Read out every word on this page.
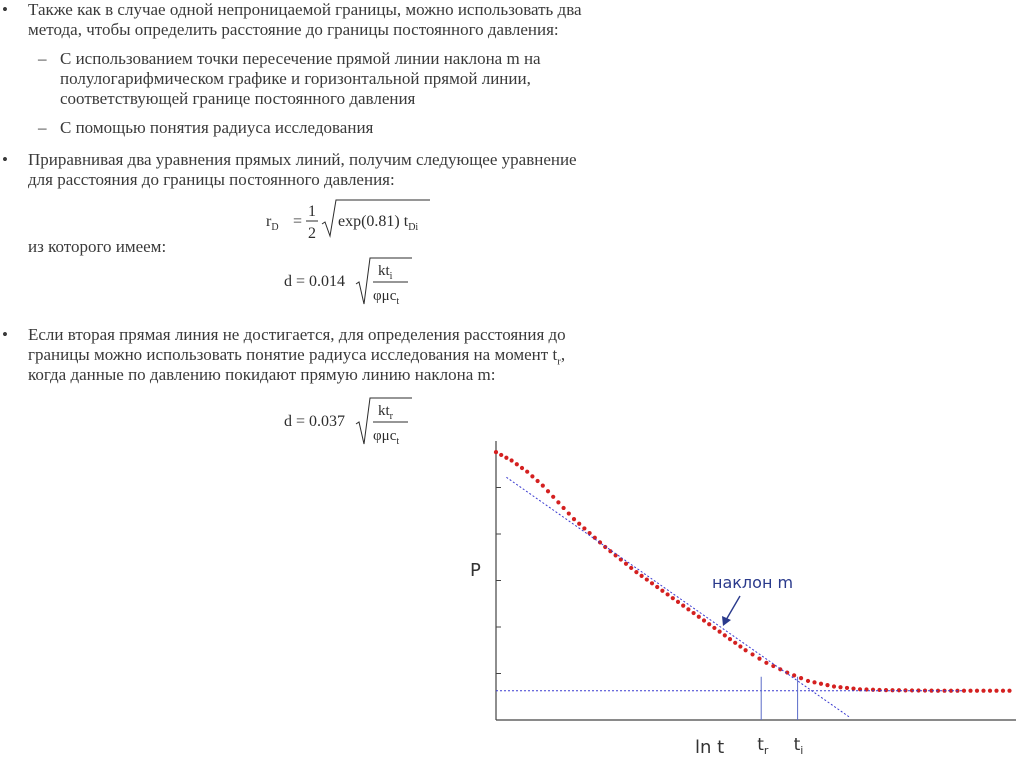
• Также как в случае одной непроницаемой границы, можно использовать два
метода, чтобы определить расстояние до границы постоянного давления:
– С использованием точки пересечение прямой линии наклона m на
полулогарифмическом графике и горизонтальной прямой линии,
соответствующей границе постоянного давления
– С помощью понятия радиуса исследования
• Приравнивая два уравнения прямых линий, получим следующее уравнение
для расстояния до границы постоянного давления:
$r_D$ =
1
2
exp(0.81) $t_{Di}$
из которого имеем:
d = 0.014
$kt_i$
φμc$_t$
• Если вторая прямая линия не достигается, для определения расстояния до
границы можно использовать понятие радиуса исследования на момент $t_r$,
когда данные по давлению покидают прямую линию наклона m:
d = 0.037
$kt_r$
φμc$_t$
$t_r$ $t_i$
P
ln t
наклон m
